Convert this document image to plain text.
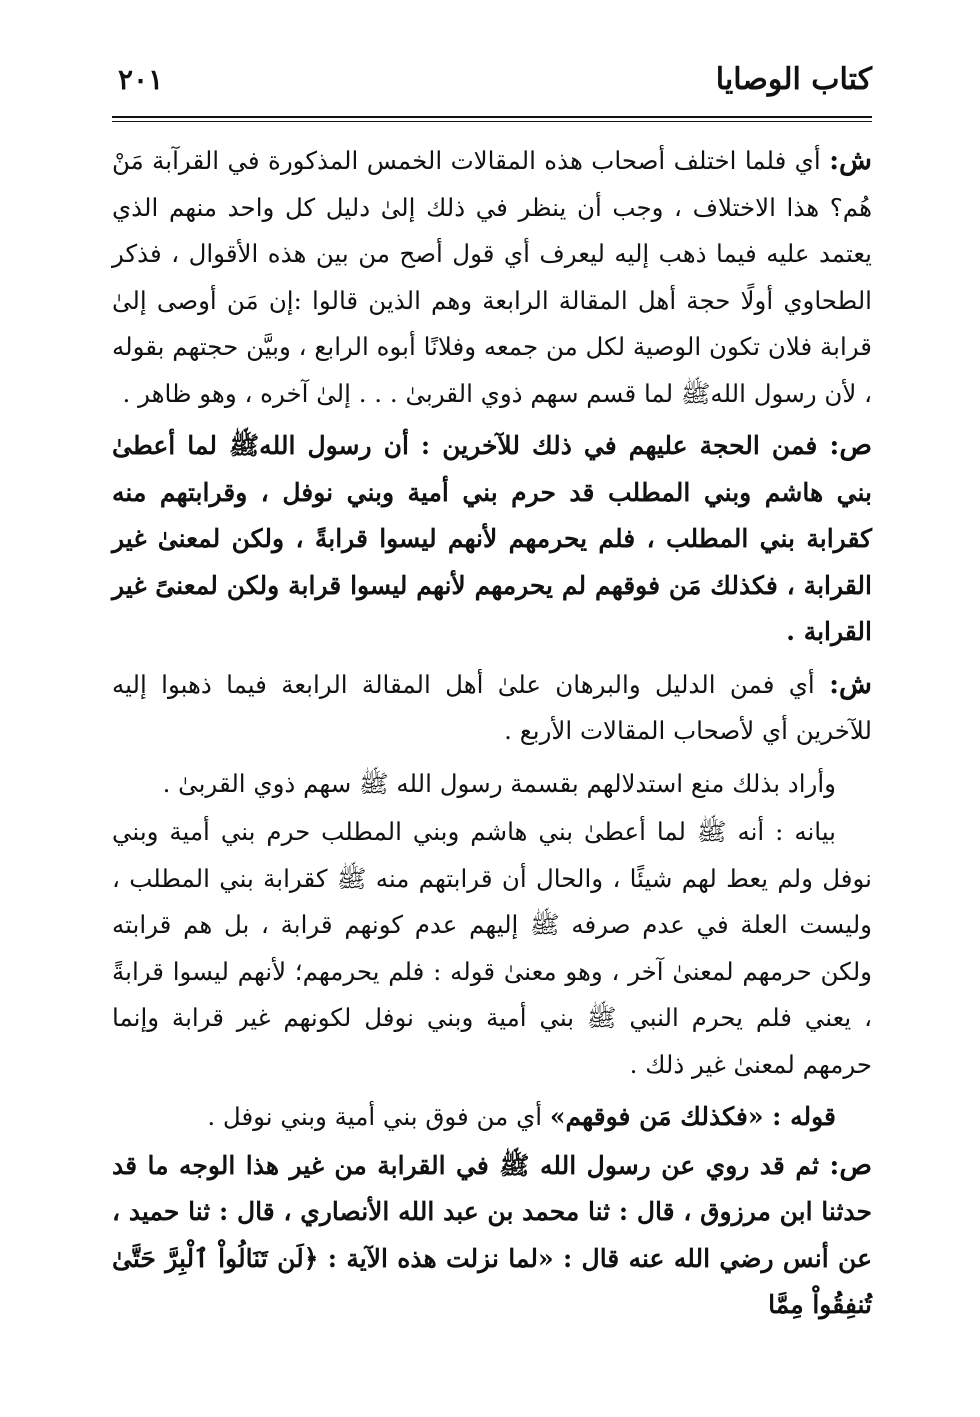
كتاب الوصايا
٢٠١

ش: أي فلما اختلف أصحاب هذه المقالات الخمس المذكورة في القرآبة مَنْ هُم؟ هذا الاختلاف ، وجب أن ينظر في ذلك إلىٰ دليل كل واحد منهم الذي يعتمد عليه فيما ذهب إليه ليعرف أي قول أصح من بين هذه الأقوال ، فذكر الطحاوي أولًا حجة أهل المقالة الرابعة وهم الذين قالوا :إن مَن أوصى إلىٰ قرابة فلان تكون الوصية لكل من جمعه وفلانًا أبوه الرابع ، وبيَّن حجتهم بقوله ، لأن رسول اللهﷺ لما قسم سهم ذوي القربىٰ . . . إلىٰ آخره ، وهو ظاهر .

ص: فمن الحجة عليهم في ذلك للآخرين : أن رسول اللهﷺ لما أعطىٰ بني هاشم وبني المطلب قد حرم بني أمية وبني نوفل ، وقرابتهم منه كقرابة بني المطلب ، فلم يحرمهم لأنهم ليسوا قرابةً ، ولكن لمعنىٰ غير القرابة ، فكذلك مَن فوقهم لم يحرمهم لأنهم ليسوا قرابة ولكن لمعنىً غير القرابة .

ش: أي فمن الدليل والبرهان علىٰ أهل المقالة الرابعة فيما ذهبوا إليه للآخرين أي لأصحاب المقالات الأربع .

وأراد بذلك منع استدلالهم بقسمة رسول الله ﷺ سهم ذوي القربىٰ .

بيانه : أنه ﷺ لما أعطىٰ بني هاشم وبني المطلب حرم بني أمية وبني نوفل ولم يعط لهم شيئًا ، والحال أن قرابتهم منه ﷺ كقرابة بني المطلب ، وليست العلة في عدم صرفه ﷺ إليهم عدم كونهم قرابة ، بل هم قرابته ولكن حرمهم لمعنىٰ آخر ، وهو معنىٰ قوله : فلم يحرمهم؛ لأنهم ليسوا قرابةً ، يعني فلم يحرم النبي ﷺ بني أمية وبني نوفل لكونهم غير قرابة وإنما حرمهم لمعنىٰ غير ذلك .

قوله : «فكذلك مَن فوقهم» أي من فوق بني أمية وبني نوفل .

ص: ثم قد روي عن رسول الله ﷺ في القرابة من غير هذا الوجه ما قد حدثنا ابن مرزوق ، قال : ثنا محمد بن عبد الله الأنصاري ، قال : ثنا حميد ، عن أنس رضي الله عنه قال : «لما نزلت هذه الآية : ﴿لَن تَنَالُواْ ٱلْبِرَّ حَتَّىٰ تُنفِقُواْ مِمَّا
